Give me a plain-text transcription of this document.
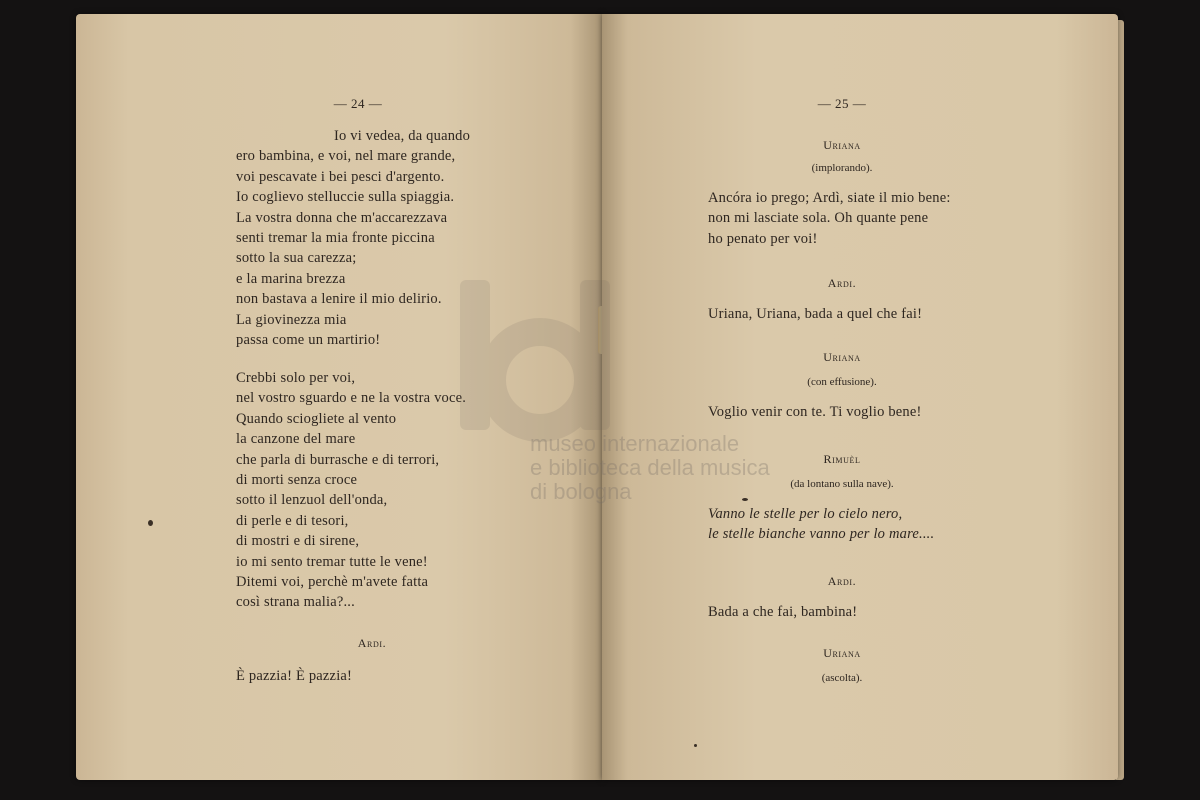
— 24 —
Io vi vedea, da quando
ero bambina, e voi, nel mare grande,
voi pescavate i bei pesci d'argento.
Io coglievo stelluccie sulla spiaggia.
La vostra donna che m'accarezzava
senti tremar la mia fronte piccina
sotto la sua carezza;
e la marina brezza
non bastava a lenire il mio delirio.
La giovinezza mia
passa come un martirio!
Crebbi solo per voi,
nel vostro sguardo e ne la vostra voce.
Quando sciogliete al vento
la canzone del mare
che parla di burrasche e di terrori,
di morti senza croce
sotto il lenzuol dell'onda,
di perle e di tesori,
di mostri e di sirene,
io mi sento tremar tutte le vene!
Ditemi voi, perchè m'avete fatta
così strana malia?...
Ardi.
È pazzia! È pazzia!
— 25 —
Uriana
(implorando).
Ancóra io prego; Ardì, siate il mio bene:
non mi lasciate sola. Oh quante pene
ho penato per voi!
Ardi.
Uriana, Uriana, bada a quel che fai!
Uriana
(con effusione).
Voglio venir con te. Ti voglio bene!
Rimuèl
(da lontano sulla nave).
Vanno le stelle per lo cielo nero,
le stelle bianche vanno per lo mare....
Ardi.
Bada a che fai, bambina!
Uriana
(ascolta).
museo internazionale
e biblioteca della musica
di bologna
